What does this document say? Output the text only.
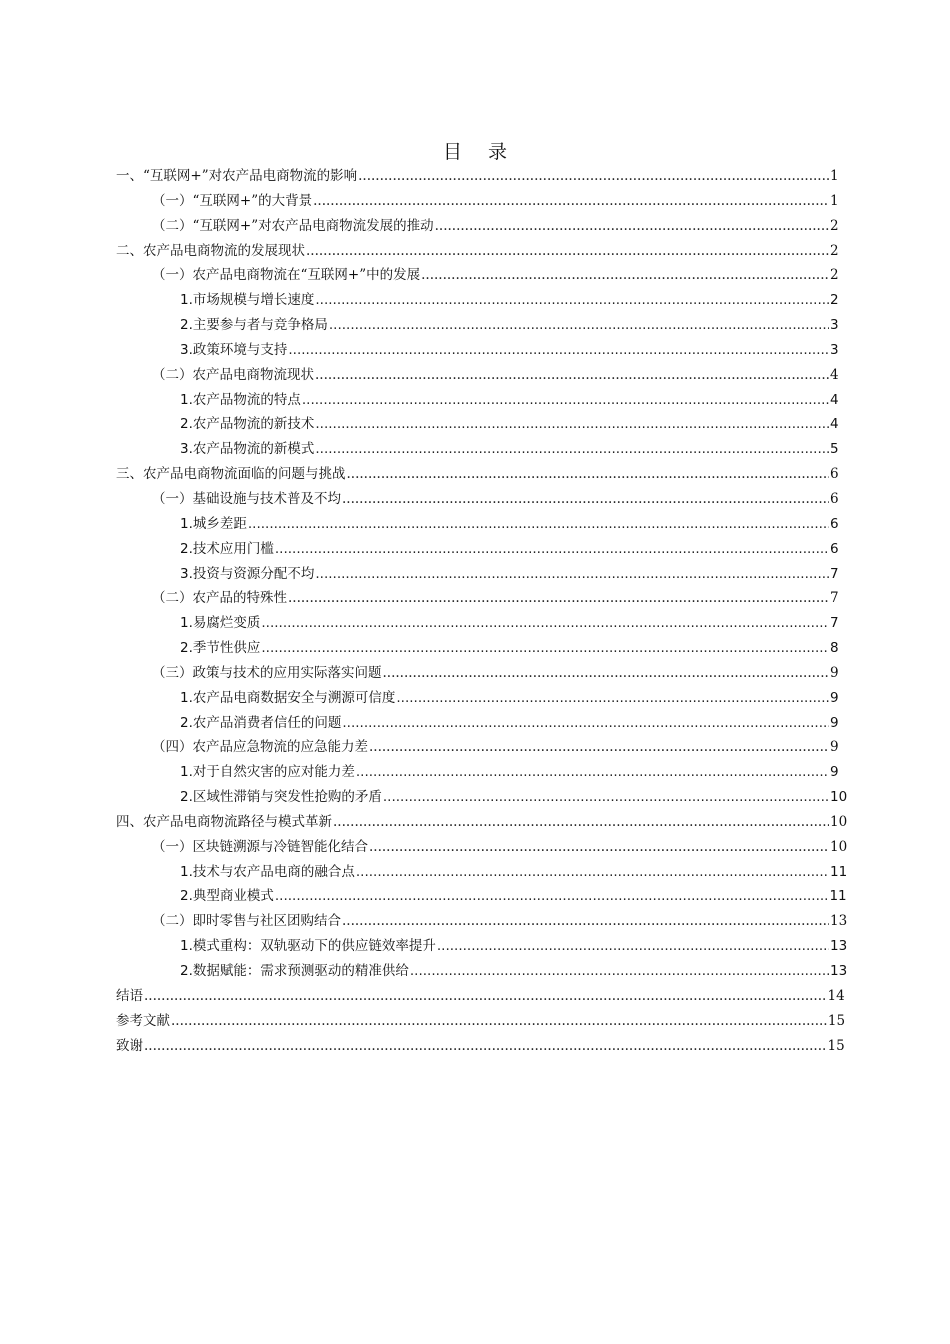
目录
一、 “互联网+”对农产品电商物流的影响 .....	1
（一）“互联网+”的大背景 .....	1
（二）“互联网+”对农产品电商物流发展的推动 .....	2
二、 农产品电商物流的发展现状 .....	2
（一）农产品电商物流在“互联网+”中的发展 .....	2
1.市场规模与增长速度 .....	2
2.主要参与者与竞争格局 .....	3
3.政策环境与支持 .....	3
（二）农产品电商物流现状 .....	4
1.农产品物流的特点 .....	4
2.农产品物流的新技术 .....	4
3.农产品物流的新模式 .....	5
三、 农产品电商物流面临的问题与挑战 .....	6
（一）基础设施与技术普及不均 .....	6
1.城乡差距 .....	6
2.技术应用门槛 .....	6
3.投资与资源分配不均 .....	7
（二）农产品的特殊性 .....	7
1.易腐烂变质 .....	7
2.季节性供应 .....	8
（三）政策与技术的应用实际落实问题 .....	9
1.农产品电商数据安全与溯源可信度 .....	9
2.农产品消费者信任的问题 .....	9
（四）农产品应急物流的应急能力差 .....	9
1.对于自然灾害的应对能力差 .....	9
2.区域性滞销与突发性抢购的矛盾 .....	10
四、 农产品电商物流路径与模式革新 .....	10
（一）区块链溯源与冷链智能化结合 .....	10
1.技术与农产品电商的融合点 .....	11
2.典型商业模式 .....	11
（二）即时零售与社区团购结合 .....	13
1.模式重构：双轨驱动下的供应链效率提升 .....	13
2.数据赋能：需求预测驱动的精准供给 .....	13
结语 .....	14
参考文献 .....	15
致谢 .....	15
